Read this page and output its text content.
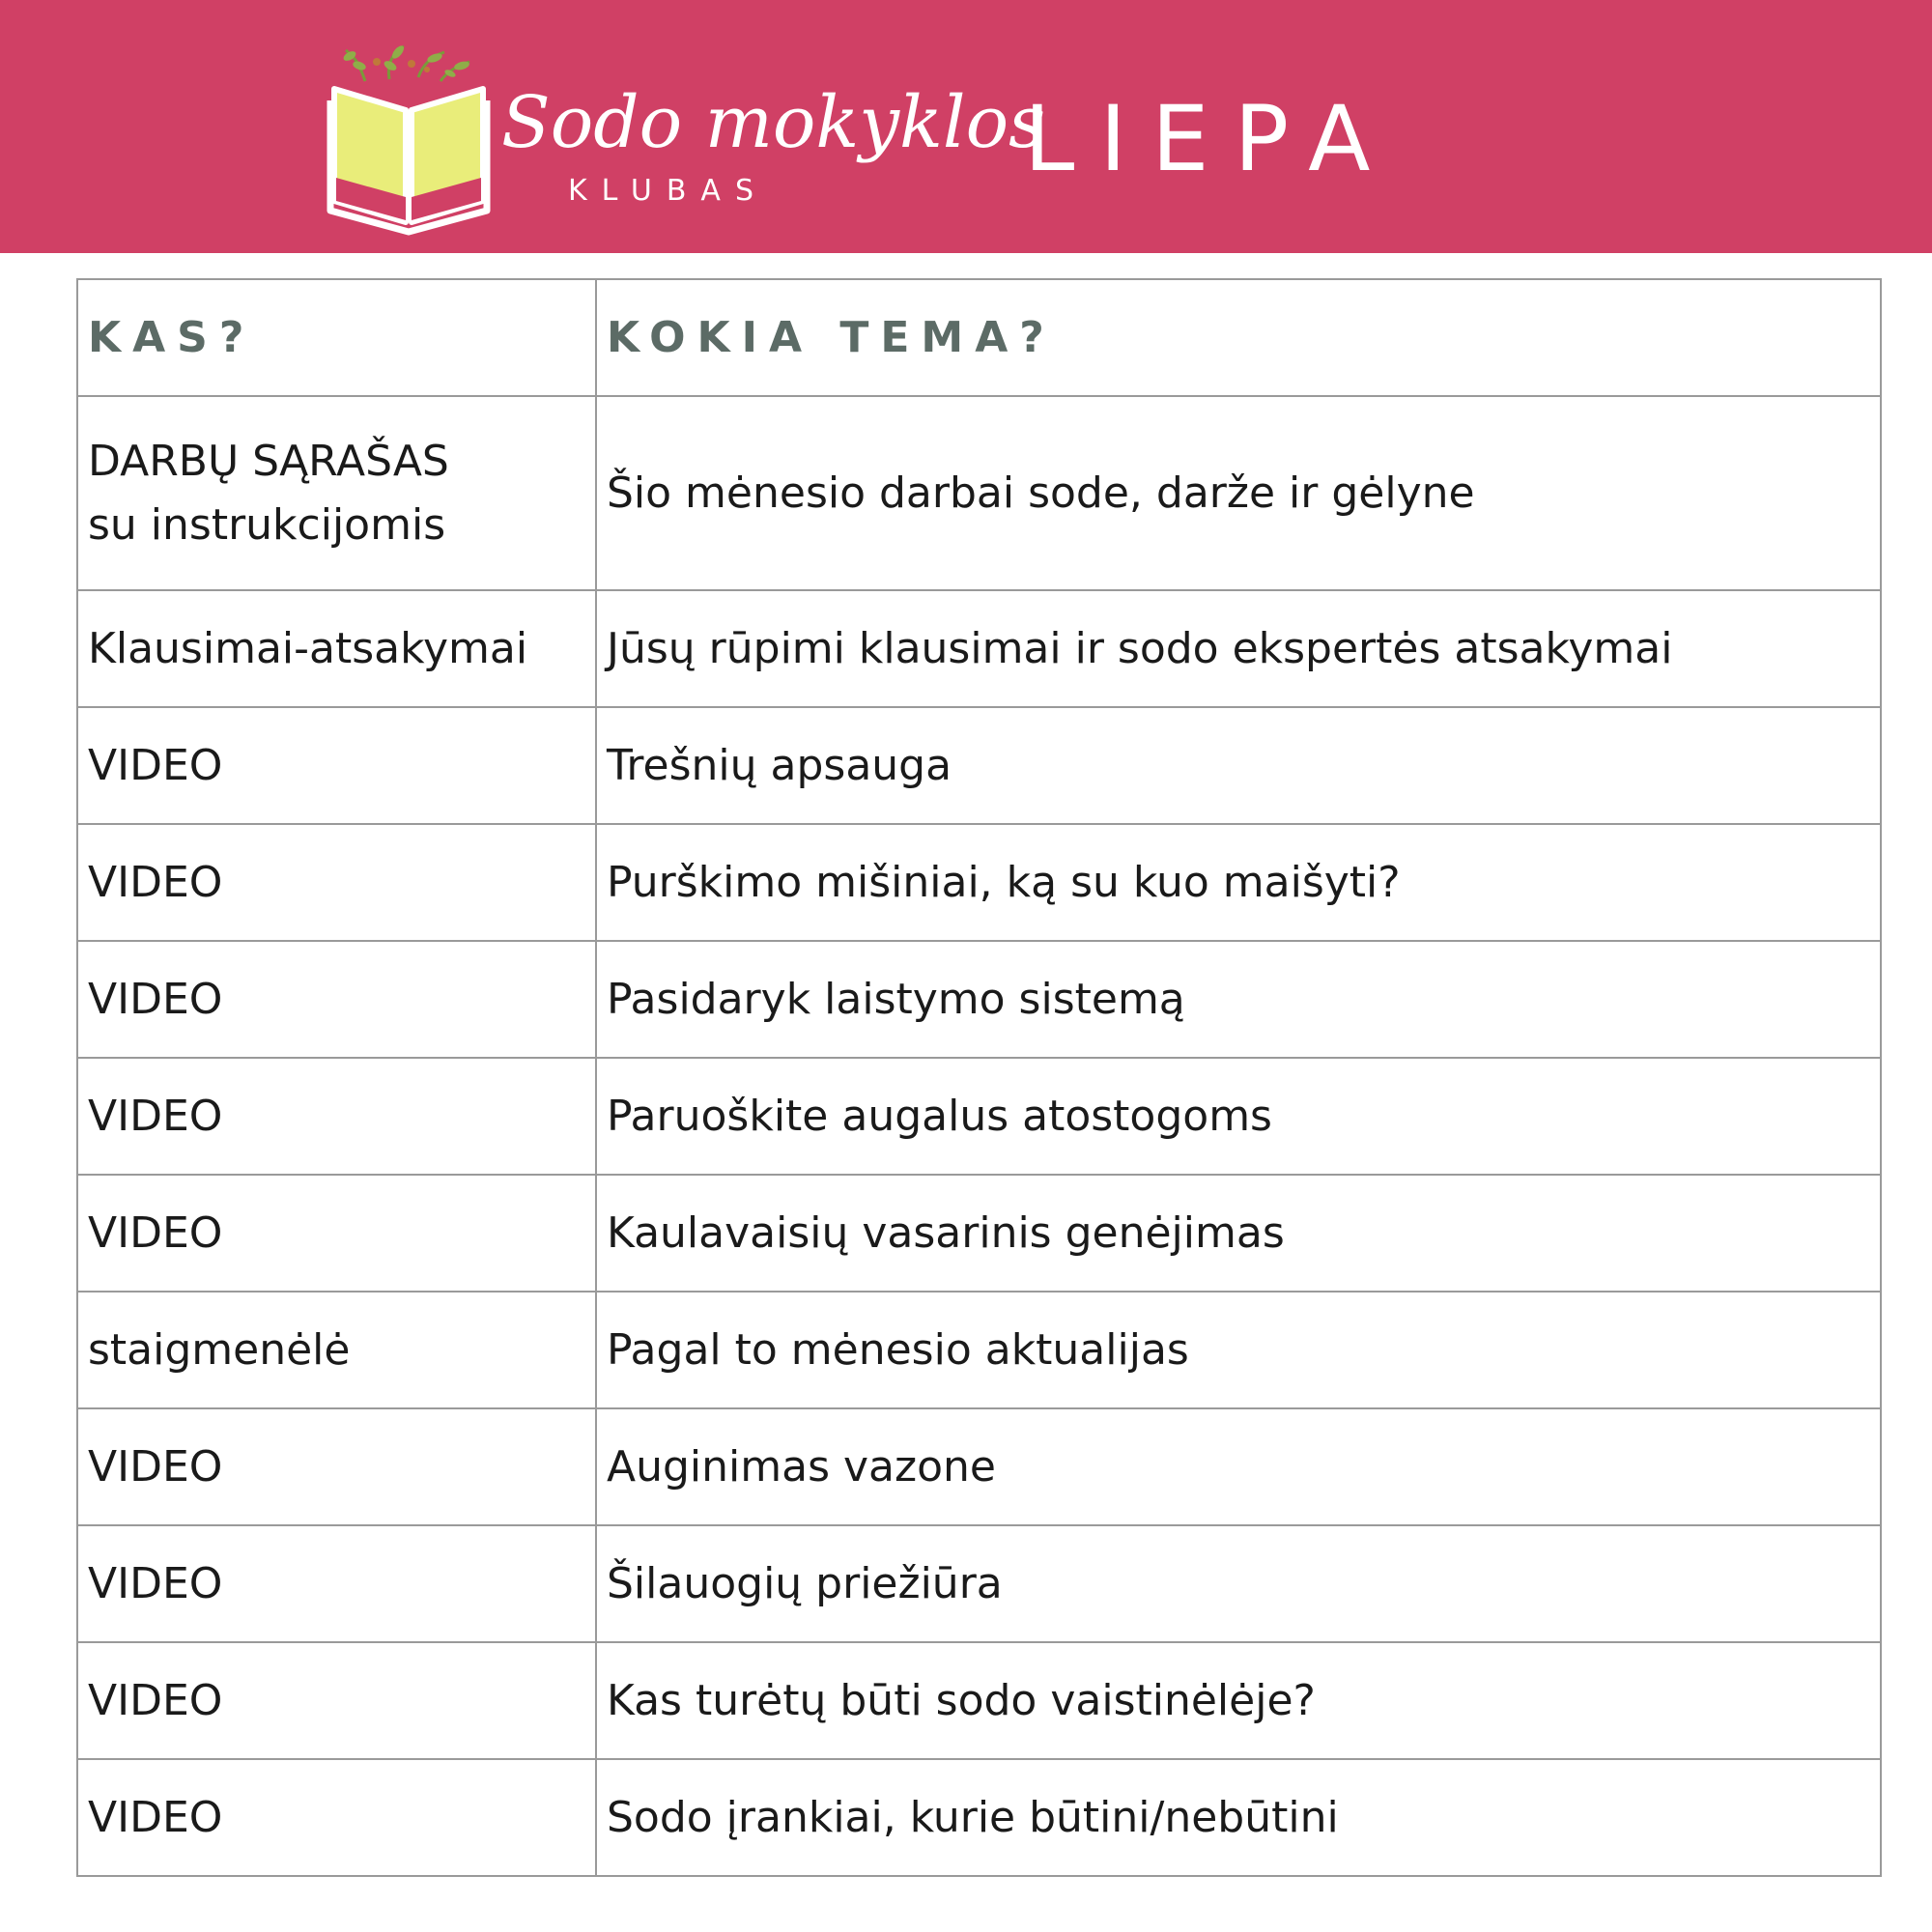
Sodo mokyklos
KLUBAS	LIEPA
KAS?	KOKIA TEMA?
DARBŲ SĄRAŠAS
su instrukcijomis	Šio mėnesio darbai sode, darže ir gėlyne
Klausimai-atsakymai	Jūsų rūpimi klausimai ir sodo ekspertės atsakymai
VIDEO	Trešnių apsauga
VIDEO	Purškimo mišiniai, ką su kuo maišyti?
VIDEO	Pasidaryk laistymo sistemą
VIDEO	Paruoškite augalus atostogoms
VIDEO	Kaulavaisių vasarinis genėjimas
staigmenėlė	Pagal to mėnesio aktualijas
VIDEO	Auginimas vazone
VIDEO	Šilauogių priežiūra
VIDEO	Kas turėtų būti sodo vaistinėlėje?
VIDEO	Sodo įrankiai, kurie būtini/nebūtini
